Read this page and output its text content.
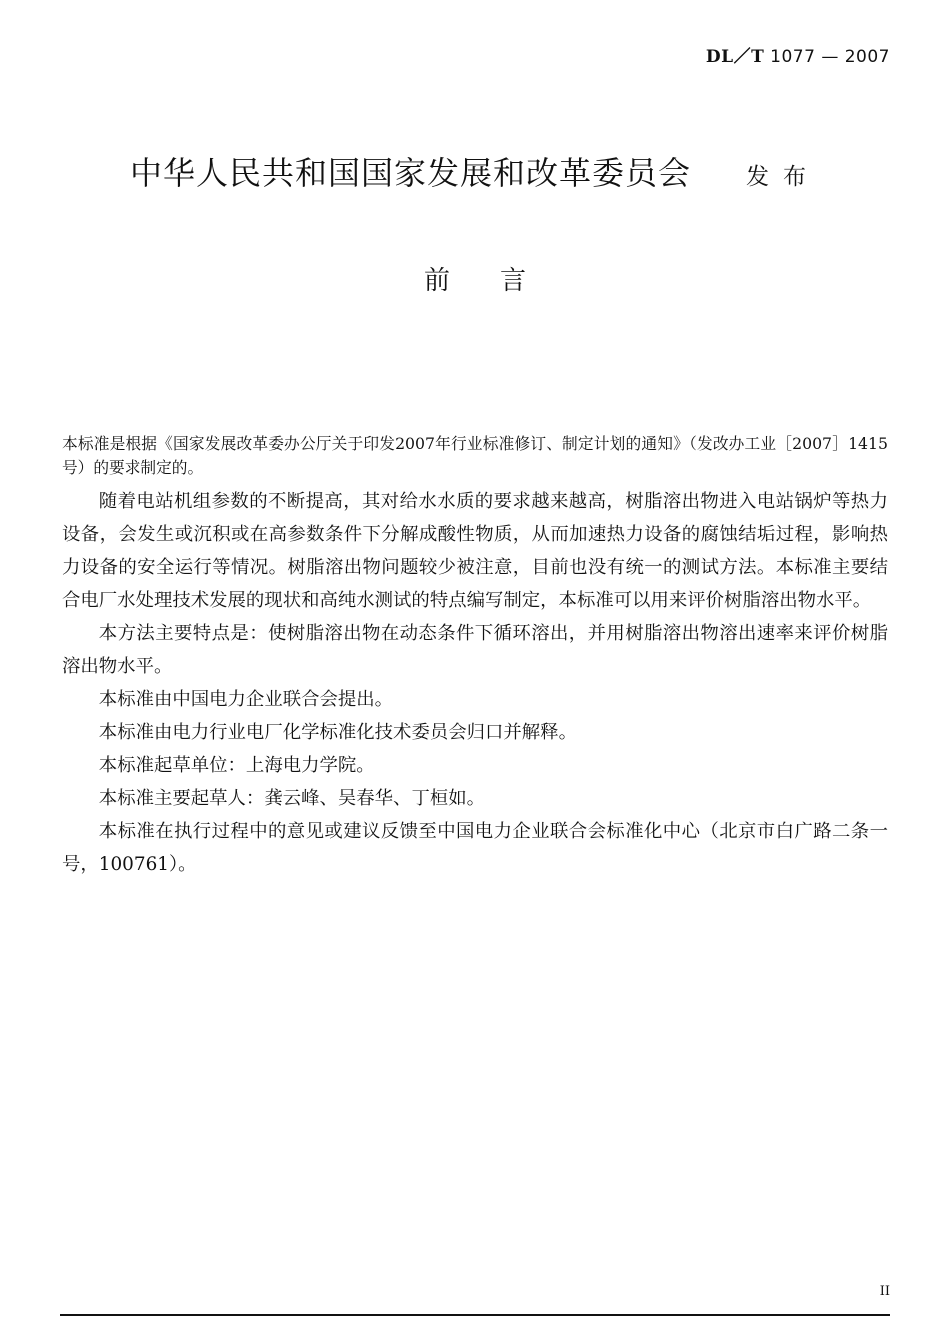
DL／T 1077 — 2007
中华人民共和国国家发展和改革委员会 发布
前言

本标准是根据《国家发展改革委办公厅关于印发2007年行业标准修订、制定计划的通知》（发改办工业［2007］1415号）的要求制定的。

随着电站机组参数的不断提高，其对给水水质的要求越来越高，树脂溶出物进入电站锅炉等热力设备，会发生或沉积或在高参数条件下分解成酸性物质，从而加速热力设备的腐蚀结垢过程，影响热力设备的安全运行等情况。树脂溶出物问题较少被注意，目前也没有统一的测试方法。本标准主要结合电厂水处理技术发展的现状和高纯水测试的特点编写制定，本标准可以用来评价树脂溶出物水平。

本方法主要特点是：使树脂溶出物在动态条件下循环溶出，并用树脂溶出物溶出速率来评价树脂溶出物水平。

本标准由中国电力企业联合会提出。

本标准由电力行业电厂化学标准化技术委员会归口并解释。

本标准起草单位：上海电力学院。

本标准主要起草人：龚云峰、吴春华、丁桓如。

本标准在执行过程中的意见或建议反馈至中国电力企业联合会标准化中心（北京市白广路二条一号，100761）。

II
